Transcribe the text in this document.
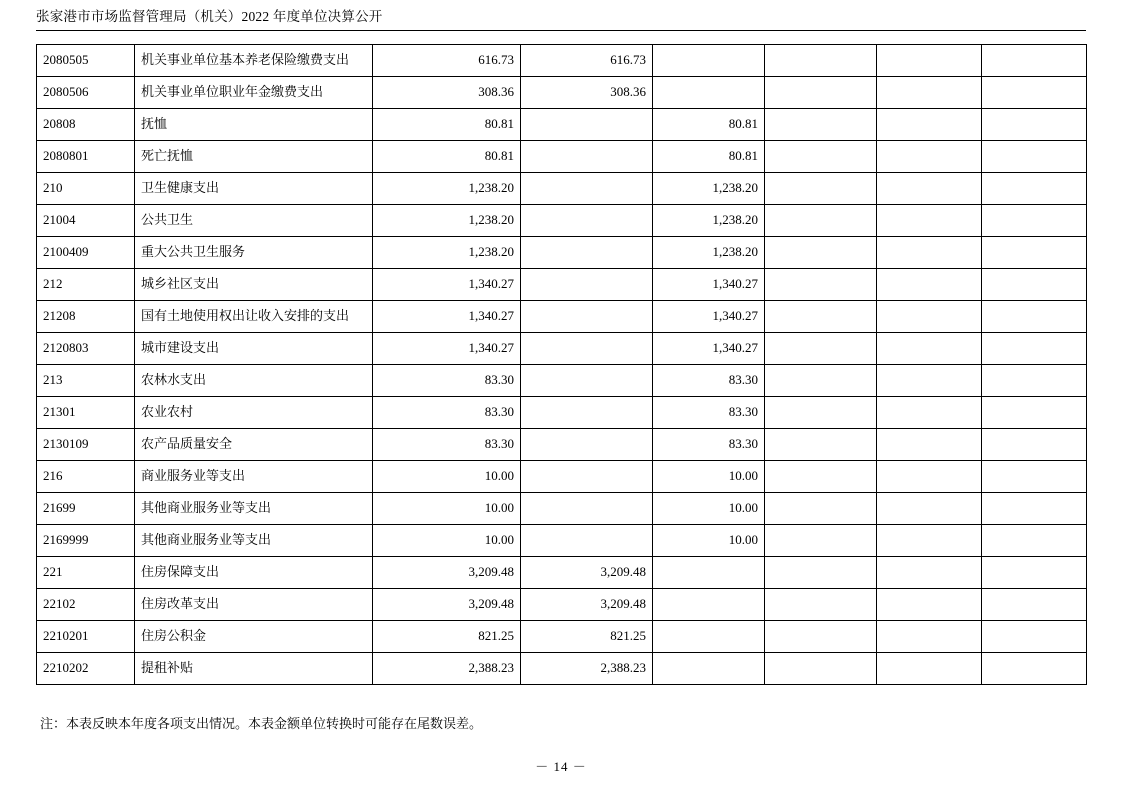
张家港市市场监督管理局（机关）2022 年度单位决算公开
2080505	机关事业单位基本养老保险缴费支出	616.73	616.73				
2080506	机关事业单位职业年金缴费支出	308.36	308.36				
20808	抚恤	80.81		80.81			
2080801	死亡抚恤	80.81		80.81			
210	卫生健康支出	1,238.20		1,238.20			
21004	公共卫生	1,238.20		1,238.20			
2100409	重大公共卫生服务	1,238.20		1,238.20			
212	城乡社区支出	1,340.27		1,340.27			
21208	国有土地使用权出让收入安排的支出	1,340.27		1,340.27			
2120803	城市建设支出	1,340.27		1,340.27			
213	农林水支出	83.30		83.30			
21301	农业农村	83.30		83.30			
2130109	农产品质量安全	83.30		83.30			
216	商业服务业等支出	10.00		10.00			
21699	其他商业服务业等支出	10.00		10.00			
2169999	其他商业服务业等支出	10.00		10.00			
221	住房保障支出	3,209.48	3,209.48				
22102	住房改革支出	3,209.48	3,209.48				
2210201	住房公积金	821.25	821.25				
2210202	提租补贴	2,388.23	2,388.23				
注：本表反映本年度各项支出情况。本表金额单位转换时可能存在尾数误差。
－ 14 －
